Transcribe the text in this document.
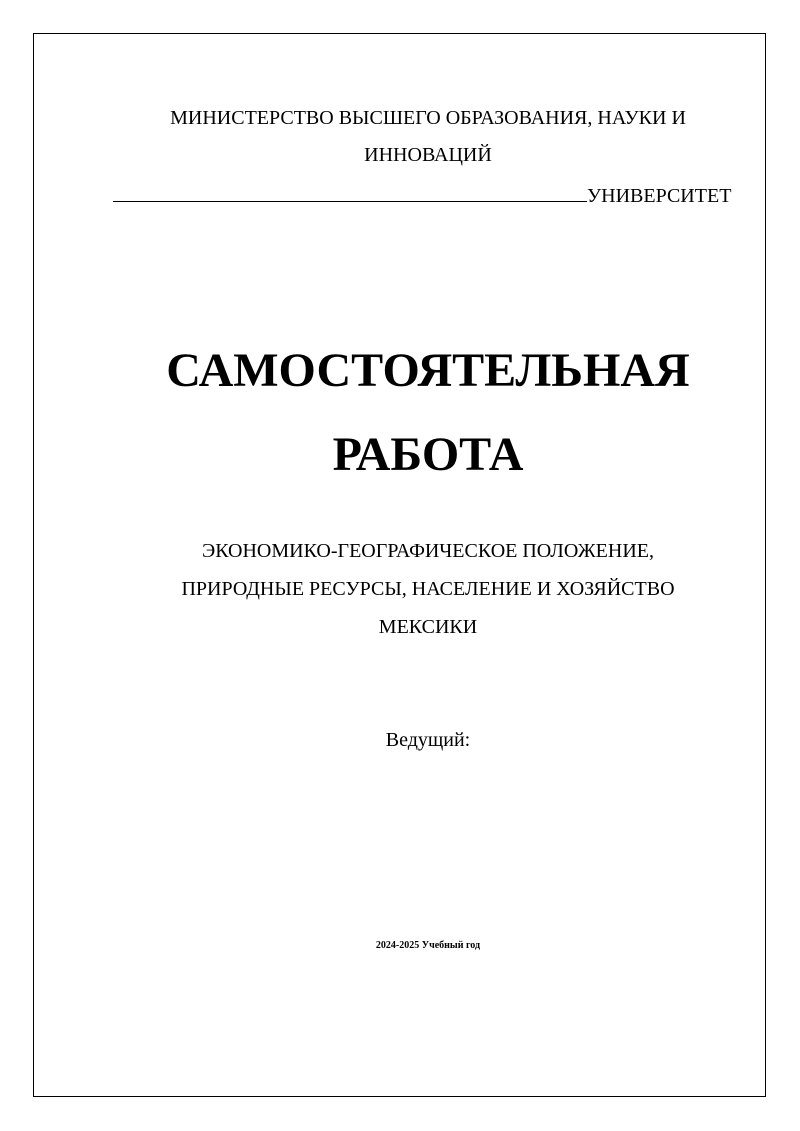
МИНИСТЕРСТВО ВЫСШЕГО ОБРАЗОВАНИЯ, НАУКИ И
ИННОВАЦИЙ
УНИВЕРСИТЕТ
САМОСТОЯТЕЛЬНАЯ
РАБОТА
ЭКОНОМИКО-ГЕОГРАФИЧЕСКОЕ ПОЛОЖЕНИЕ,
ПРИРОДНЫЕ РЕСУРСЫ, НАСЕЛЕНИЕ И ХОЗЯЙСТВО
МЕКСИКИ
Ведущий:
2024-2025 Учебный год
